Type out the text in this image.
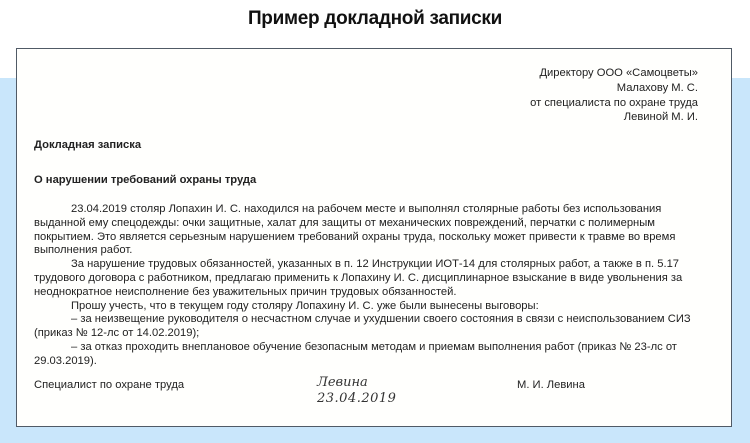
Пример докладной записки
Директору ООО «Самоцветы»
Малахову М. С.
от специалиста по охране труда
Левиной М. И.
Докладная записка
О нарушении требований охраны труда

23.04.2019 столяр Лопахин И. С. находился на рабочем месте и выполнял столярные работы без использования выданной ему спецодежды: очки защитные, халат для защиты от механических повреждений, перчатки с полимерным покрытием. Это является серьезным нарушением требований охраны труда, поскольку может привести к травме во время выполнения работ.

За нарушение трудовых обязанностей, указанных в п. 12 Инструкции ИОТ-14 для столярных работ, а также в п. 5.17 трудового договора с работником, предлагаю применить к Лопахину И. С. дисциплинарное взыскание в виде увольнения за неоднократное неисполнение без уважительных причин трудовых обязанностей.

Прошу учесть, что в текущем году столяру Лопахину И. С. уже были вынесены выговоры:

– за неизвещение руководителя о несчастном случае и ухудшении своего состояния в связи с неиспользованием СИЗ (приказ № 12-лс от 14.02.2019);

– за отказ проходить внеплановое обучение безопасным методам и приемам выполнения работ (приказ № 23-лс от 29.03.2019).

Специалист по охране труда	Левина
23.04.2019
М. И. Левина
